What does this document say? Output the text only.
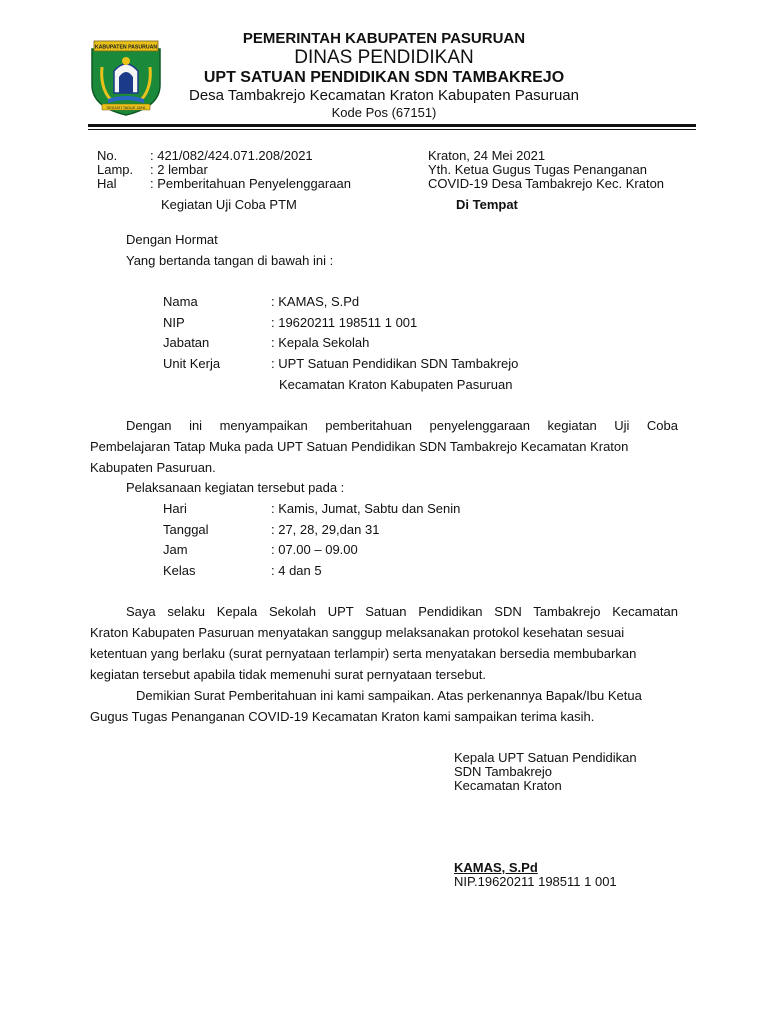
KABUPATEN PASURUAN
SEDJATI TADUK JAYA
PEMERINTAH KABUPATEN PASURUAN
DINAS PENDIDIKAN
UPT SATUAN PENDIDIKAN SDN TAMBAKREJO
Desa Tambakrejo Kecamatan Kraton Kabupaten Pasuruan
Kode Pos (67151)
No.	: 421/082/424.071.208/2021
Lamp. : 2 lembar
Hal	: Pemberitahuan Penyelenggaraan
Kegiatan Uji Coba PTM
Kraton, 24 Mei 2021
Yth. Ketua Gugus Tugas Penanganan
COVID-19 Desa Tambakrejo Kec. Kraton
Di Tempat
Dengan Hormat
Yang bertanda tangan di bawah ini :
Nama	: KAMAS, S.Pd
NIP	: 19620211 198511 1 001
Jabatan	: Kepala Sekolah
Unit Kerja	: UPT Satuan Pendidikan SDN Tambakrejo
Kecamatan Kraton Kabupaten Pasuruan
Dengan ini menyampaikan pemberitahuan penyelenggaraan kegiatan Uji Coba
Pembelajaran Tatap Muka pada UPT Satuan Pendidikan SDN Tambakrejo Kecamatan Kraton
Kabupaten Pasuruan.
Pelaksanaan kegiatan tersebut pada :
Hari	: Kamis, Jumat, Sabtu dan Senin
Tanggal	: 27, 28, 29,dan 31
Jam	: 07.00 – 09.00
Kelas	: 4 dan 5
Saya selaku Kepala Sekolah UPT Satuan Pendidikan SDN Tambakrejo Kecamatan
Kraton Kabupaten Pasuruan menyatakan sanggup melaksanakan protokol kesehatan sesuai
ketentuan yang berlaku (surat pernyataan terlampir) serta menyatakan bersedia membubarkan
kegiatan tersebut apabila tidak memenuhi surat pernyataan tersebut.
Demikian Surat Pemberitahuan ini kami sampaikan. Atas perkenannya Bapak/Ibu Ketua
Gugus Tugas Penanganan COVID-19 Kecamatan Kraton kami sampaikan terima kasih.
Kepala UPT Satuan Pendidikan
SDN Tambakrejo
Kecamatan Kraton
KAMAS, S.Pd
NIP.19620211 198511 1 001
